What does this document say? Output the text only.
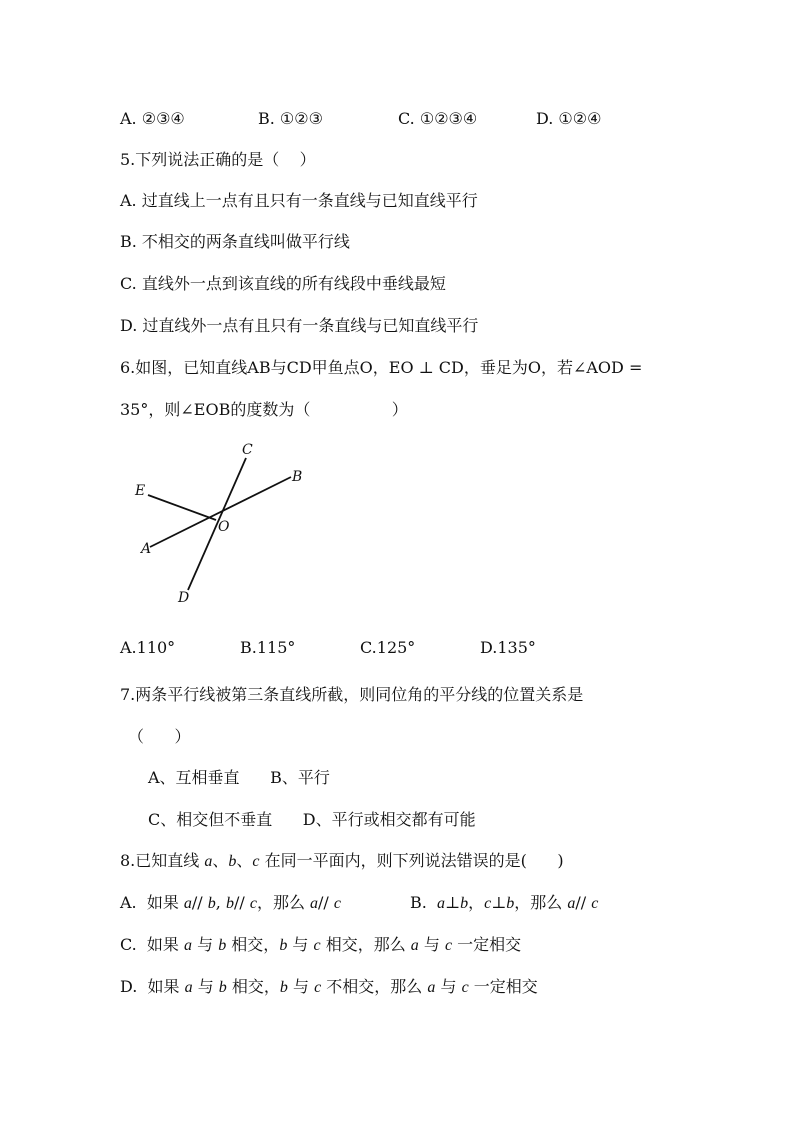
A. ②③④	B. ①②③	C. ①②③④	D. ①②④
5.下列说法正确的是（    ）
A. 过直线上一点有且只有一条直线与已知直线平行
B. 不相交的两条直线叫做平行线
C. 直线外一点到该直线的所有线段中垂线最短
D. 过直线外一点有且只有一条直线与已知直线平行
6.如图，已知直线AB与CD甲鱼点O，EO ⊥ CD，垂足为O，若∠AOD =
35°，则∠EOB的度数为（                ）
C
B
E
O
A
D
A.110°	B.115°	C.125°	D.135°
7.两条平行线被第三条直线所截，则同位角的平分线的位置关系是
（      ）
A、互相垂直      B、平行
C、相交但不垂直      D、平行或相交都有可能
8.已知直线 a、b、c 在同一平面内，则下列说法错误的是(      )
A.  如果 a// b, b// c，那么 a// c	B.  a⊥b，c⊥b，那么 a// c
C.  如果 a 与 b 相交，b 与 c 相交，那么 a 与 c 一定相交
D.  如果 a 与 b 相交，b 与 c 不相交，那么 a 与 c 一定相交
